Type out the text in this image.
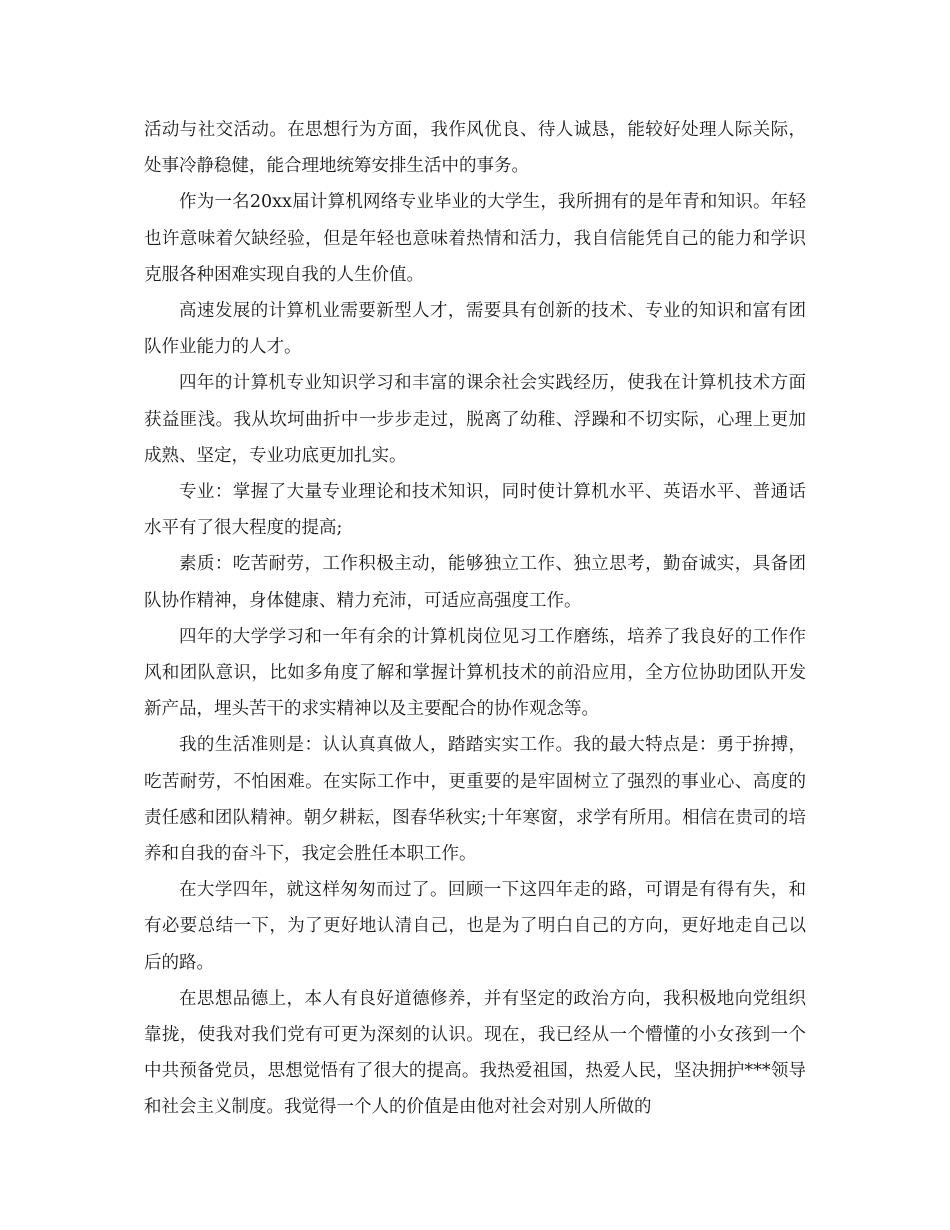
活动与社交活动。在思想行为方面，我作风优良、待人诚恳，能较好处理人际关际，处事冷静稳健，能合理地统筹安排生活中的事务。

作为一名20xx届计算机网络专业毕业的大学生，我所拥有的是年青和知识。年轻也许意味着欠缺经验，但是年轻也意味着热情和活力，我自信能凭自己的能力和学识克服各种困难实现自我的人生价值。

高速发展的计算机业需要新型人才，需要具有创新的技术、专业的知识和富有团队作业能力的人才。

四年的计算机专业知识学习和丰富的课余社会实践经历，使我在计算机技术方面获益匪浅。我从坎坷曲折中一步步走过，脱离了幼稚、浮躁和不切实际，心理上更加成熟、坚定，专业功底更加扎实。

专业：掌握了大量专业理论和技术知识，同时使计算机水平、英语水平、普通话水平有了很大程度的提高;

素质：吃苦耐劳，工作积极主动，能够独立工作、独立思考，勤奋诚实，具备团队协作精神，身体健康、精力充沛，可适应高强度工作。

四年的大学学习和一年有余的计算机岗位见习工作磨练，培养了我良好的工作作风和团队意识，比如多角度了解和掌握计算机技术的前沿应用，全方位协助团队开发新产品，埋头苦干的求实精神以及主要配合的协作观念等。

我的生活准则是：认认真真做人，踏踏实实工作。我的最大特点是：勇于拚搏，吃苦耐劳，不怕困难。在实际工作中，更重要的是牢固树立了强烈的事业心、高度的责任感和团队精神。朝夕耕耘，图春华秋实;十年寒窗，求学有所用。相信在贵司的培养和自我的奋斗下，我定会胜任本职工作。

在大学四年，就这样匆匆而过了。回顾一下这四年走的路，可谓是有得有失，和有必要总结一下，为了更好地认清自己，也是为了明白自己的方向，更好地走自己以后的路。

在思想品德上，本人有良好道德修养，并有坚定的政治方向，我积极地向党组织靠拢，使我对我们党有可更为深刻的认识。现在，我已经从一个懵懂的小女孩到一个中共预备党员，思想觉悟有了很大的提高。我热爱祖国，热爱人民，坚决拥护***领导和社会主义制度。我觉得一个人的价值是由他对社会对别人所做的
